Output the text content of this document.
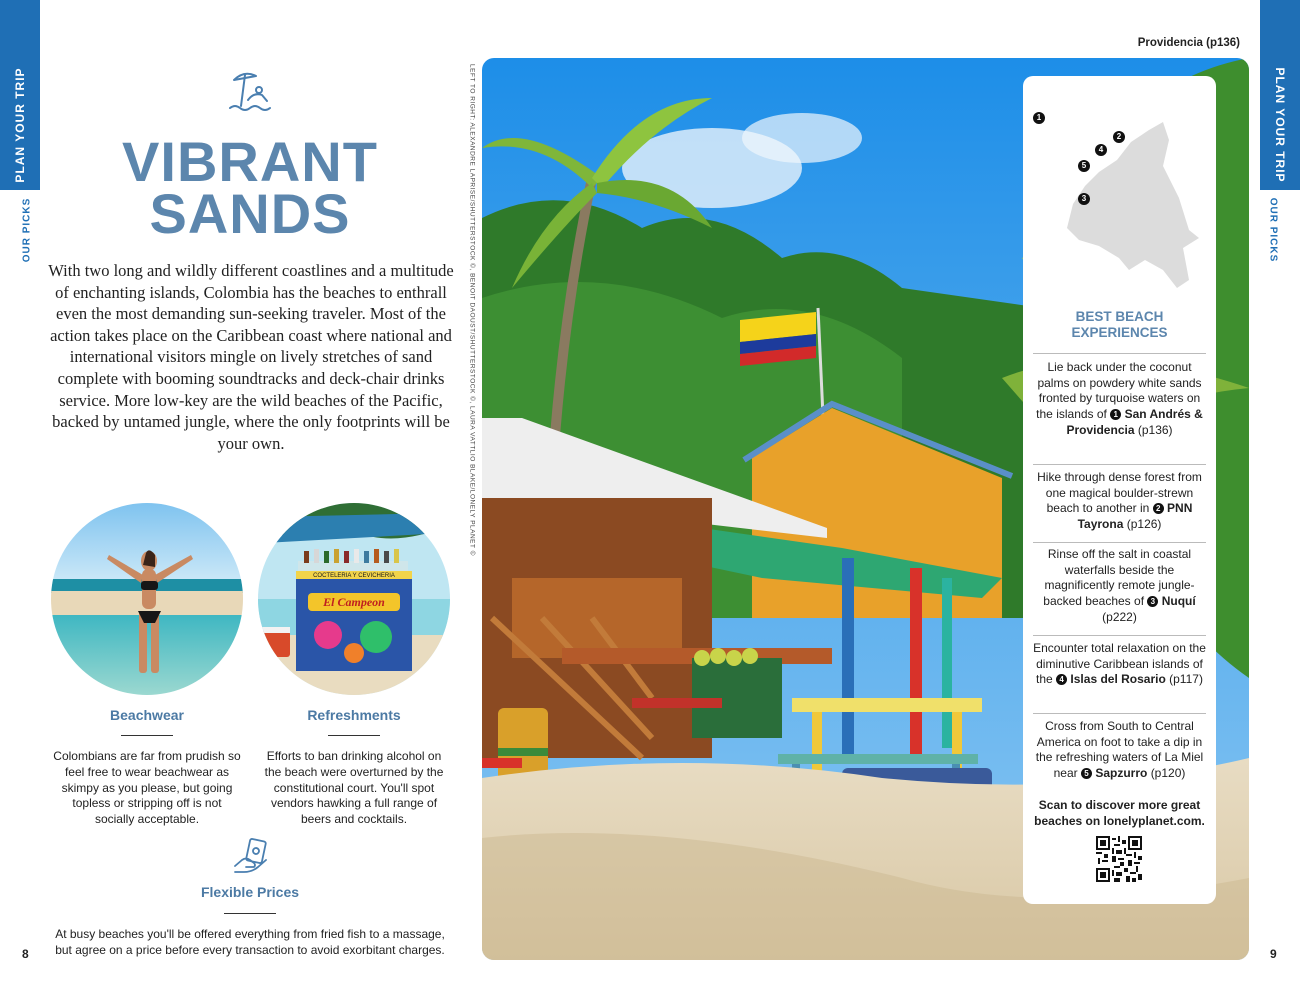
PLAN YOUR TRIP
OUR PICKS
PLAN YOUR TRIP
OUR PICKS
VIBRANT
SANDS

With two long and wildly different coastlines and a multitude of enchanting islands, Colombia has the beaches to enthrall even the most demanding sun-seeking traveler. Most of the action takes place on the Caribbean coast where national and international visitors mingle on lively stretches of sand complete with booming soundtracks and deck-chair drinks service. More low-key are the wild beaches of the Pacific, backed by untamed jungle, where the only footprints will be your own.

COCTELERIA Y CEVICHERIA
El Campeon
Beachwear

Colombians are far from prudish so feel free to wear beachwear as skimpy as you please, but going topless or stripping off is not socially acceptable.

Refreshments

Efforts to ban drinking alcohol on the beach were overturned by the constitutional court. You'll spot vendors hawking a full range of beers and cocktails.

Flexible Prices

At busy beaches you'll be offered everything from fried fish to a massage, but agree on a price before every transaction to avoid exorbitant charges.

8
LEFT TO RIGHT: ALEXANDRE LAPRISE/SHUTTERSTOCK ©, BENOIT DAOUST/SHUTTERSTOCK ©, LAURA VATTLIO BLAKE/LONELY PLANET ©
Providencia (p136)
1
2
4
5
3
BEST BEACH
EXPERIENCES

Lie back under the coconut palms on powdery white sands fronted by turquoise waters on the islands of 1 San Andrés & Providencia (p136)

Hike through dense forest from one magical boulder-strewn beach to another in 2 PNN Tayrona (p126)

Rinse off the salt in coastal waterfalls beside the magnificently remote jungle-backed beaches of 3 Nuquí (p222)

Encounter total relaxation on the diminutive Caribbean islands of the 4 Islas del Rosario (p117)

Cross from South to Central America on foot to take a dip in the refreshing waters of La Miel near 5 Sapzurro (p120)

Scan to discover more great beaches on lonelyplanet.com.

9
